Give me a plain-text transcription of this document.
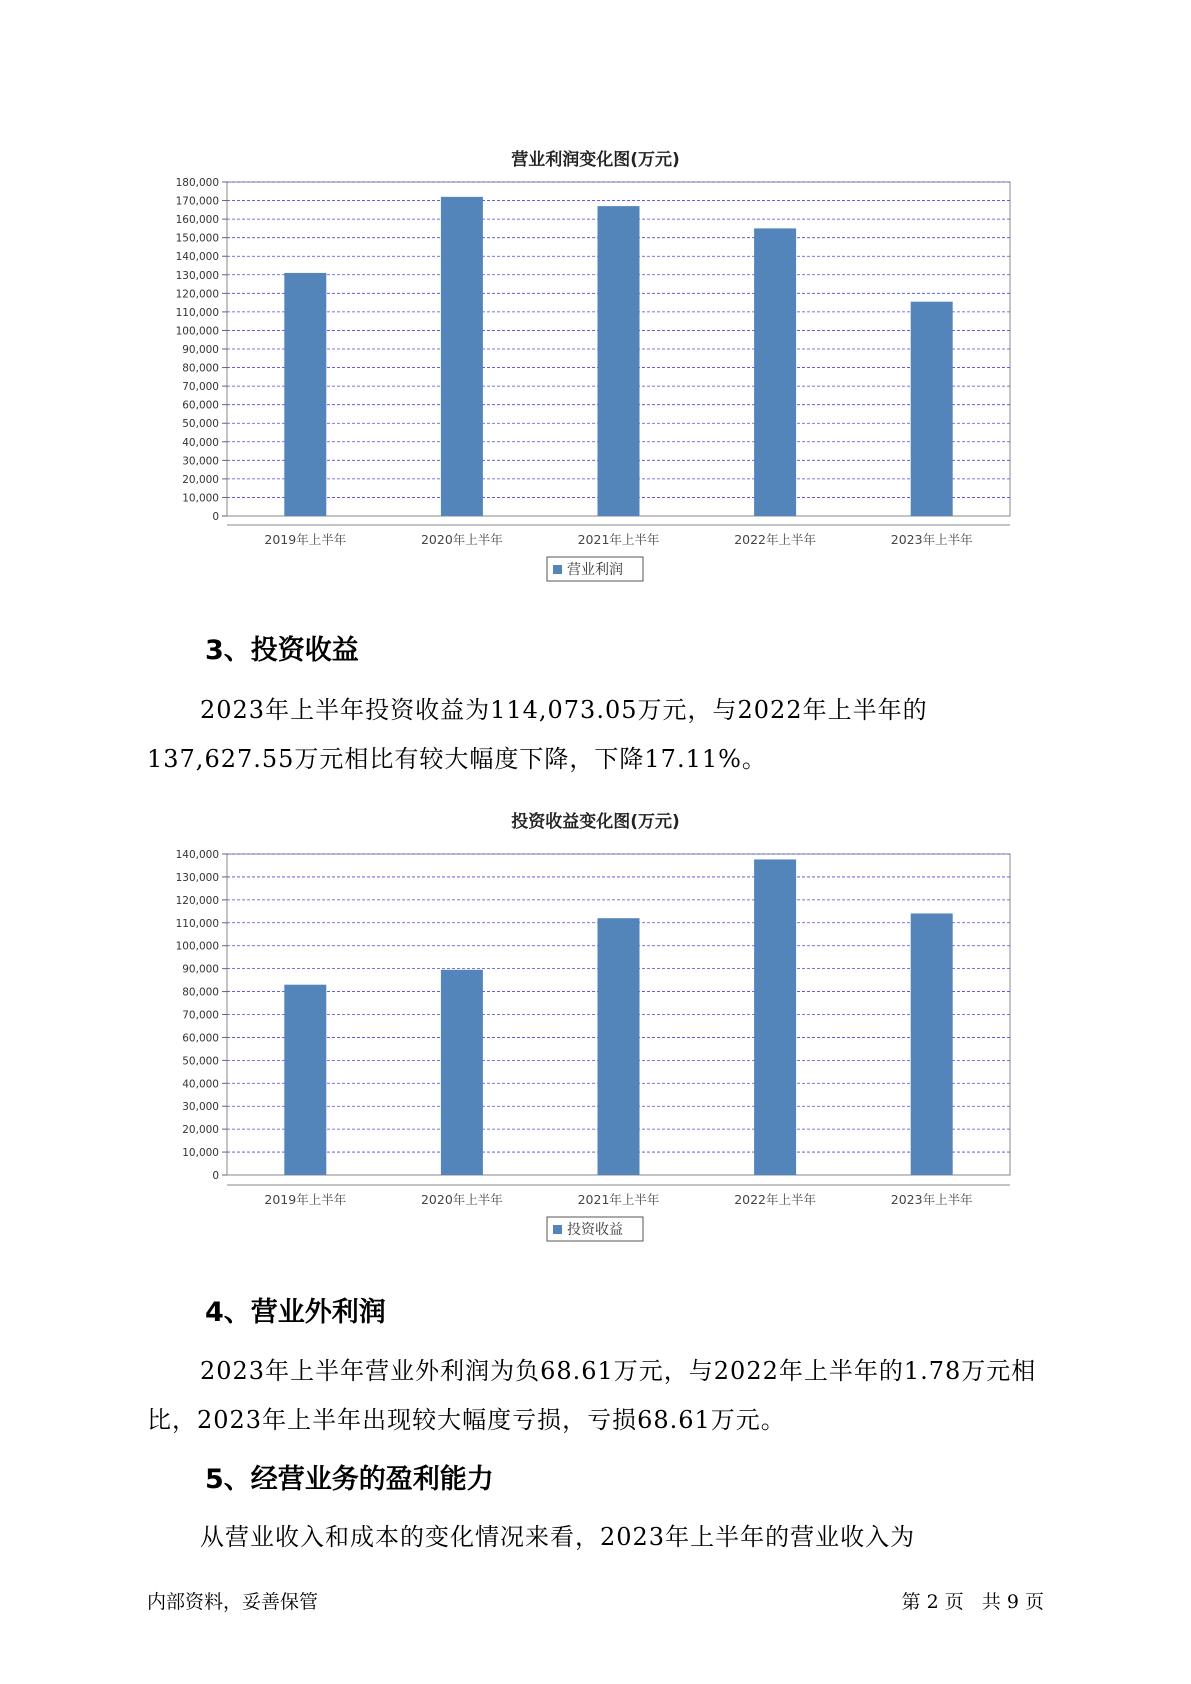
营业利润变化图(万元)
0
10,000
20,000
30,000
40,000
50,000
60,000
70,000
80,000
90,000
100,000
110,000
120,000
130,000
140,000
150,000
160,000
170,000
180,000
2019年上半年	2020年上半年	2021年上半年	2022年上半年	2023年上半年
营业利润
3、投资收益

2023年上半年投资收益为114,073.05万元，与2022年上半年的137,627.55万元相比有较大幅度下降，下降17.11%。

投资收益变化图(万元)
0
10,000
20,000
30,000
40,000
50,000
60,000
70,000
80,000
90,000
100,000
110,000
120,000
130,000
140,000
2019年上半年	2020年上半年	2021年上半年	2022年上半年	2023年上半年
投资收益
4、营业外利润

2023年上半年营业外利润为负68.61万元，与2022年上半年的1.78万元相比，2023年上半年出现较大幅度亏损，亏损68.61万元。

5、经营业务的盈利能力

从营业收入和成本的变化情况来看，2023年上半年的营业收入为

内部资料，妥善保管	第 2 页   共 9 页
